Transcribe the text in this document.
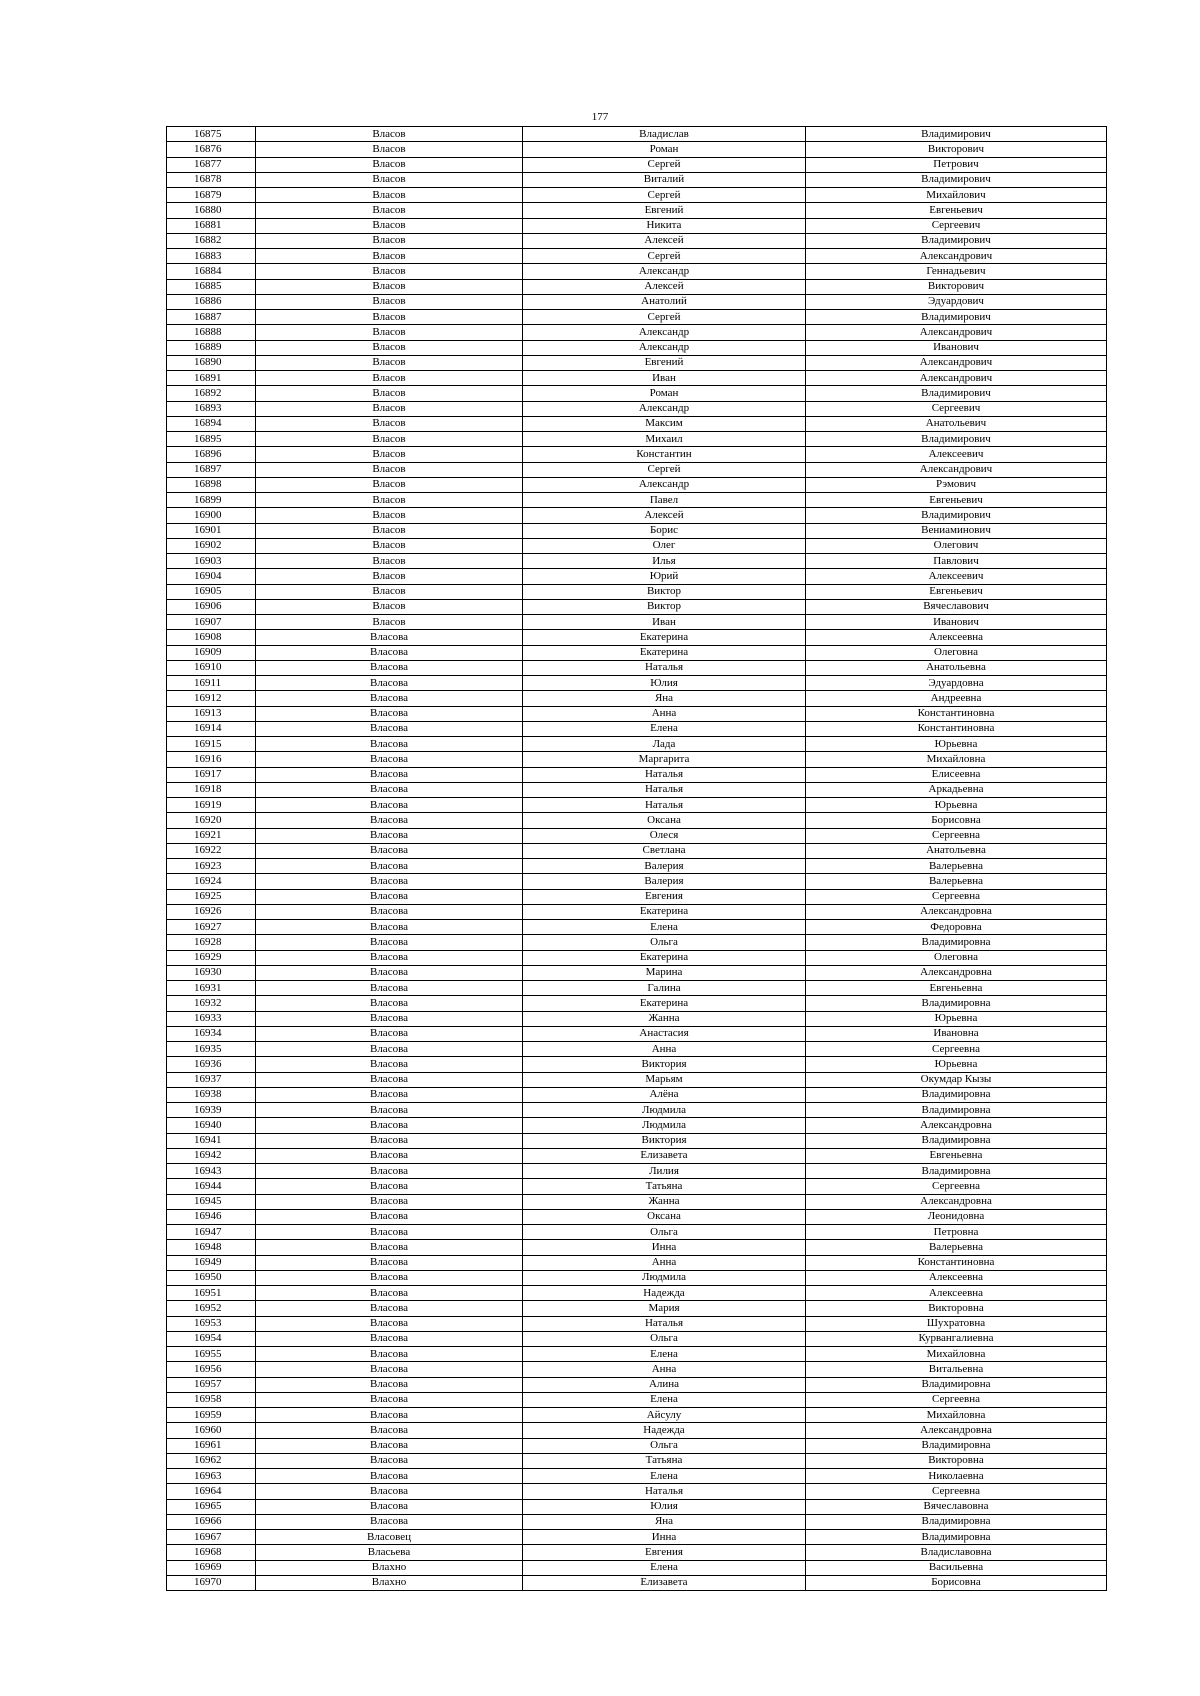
177
16875	Власов	Владислав	Владимирович
16876	Власов	Роман	Викторович
16877	Власов	Сергей	Петрович
16878	Власов	Виталий	Владимирович
16879	Власов	Сергей	Михайлович
16880	Власов	Евгений	Евгеньевич
16881	Власов	Никита	Сергеевич
16882	Власов	Алексей	Владимирович
16883	Власов	Сергей	Александрович
16884	Власов	Александр	Геннадьевич
16885	Власов	Алексей	Викторович
16886	Власов	Анатолий	Эдуардович
16887	Власов	Сергей	Владимирович
16888	Власов	Александр	Александрович
16889	Власов	Александр	Иванович
16890	Власов	Евгений	Александрович
16891	Власов	Иван	Александрович
16892	Власов	Роман	Владимирович
16893	Власов	Александр	Сергеевич
16894	Власов	Максим	Анатольевич
16895	Власов	Михаил	Владимирович
16896	Власов	Константин	Алексеевич
16897	Власов	Сергей	Александрович
16898	Власов	Александр	Рэмович
16899	Власов	Павел	Евгеньевич
16900	Власов	Алексей	Владимирович
16901	Власов	Борис	Вениаминович
16902	Власов	Олег	Олегович
16903	Власов	Илья	Павлович
16904	Власов	Юрий	Алексеевич
16905	Власов	Виктор	Евгеньевич
16906	Власов	Виктор	Вячеславович
16907	Власов	Иван	Иванович
16908	Власова	Екатерина	Алексеевна
16909	Власова	Екатерина	Олеговна
16910	Власова	Наталья	Анатольевна
16911	Власова	Юлия	Эдуардовна
16912	Власова	Яна	Андреевна
16913	Власова	Анна	Константиновна
16914	Власова	Елена	Константиновна
16915	Власова	Лада	Юрьевна
16916	Власова	Маргарита	Михайловна
16917	Власова	Наталья	Елисеевна
16918	Власова	Наталья	Аркадьевна
16919	Власова	Наталья	Юрьевна
16920	Власова	Оксана	Борисовна
16921	Власова	Олеся	Сергеевна
16922	Власова	Светлана	Анатольевна
16923	Власова	Валерия	Валерьевна
16924	Власова	Валерия	Валерьевна
16925	Власова	Евгения	Сергеевна
16926	Власова	Екатерина	Александровна
16927	Власова	Елена	Федоровна
16928	Власова	Ольга	Владимировна
16929	Власова	Екатерина	Олеговна
16930	Власова	Марина	Александровна
16931	Власова	Галина	Евгеньевна
16932	Власова	Екатерина	Владимировна
16933	Власова	Жанна	Юрьевна
16934	Власова	Анастасия	Ивановна
16935	Власова	Анна	Сергеевна
16936	Власова	Виктория	Юрьевна
16937	Власова	Марьям	Окумдар Кызы
16938	Власова	Алёна	Владимировна
16939	Власова	Людмила	Владимировна
16940	Власова	Людмила	Александровна
16941	Власова	Виктория	Владимировна
16942	Власова	Елизавета	Евгеньевна
16943	Власова	Лилия	Владимировна
16944	Власова	Татьяна	Сергеевна
16945	Власова	Жанна	Александровна
16946	Власова	Оксана	Леонидовна
16947	Власова	Ольга	Петровна
16948	Власова	Инна	Валерьевна
16949	Власова	Анна	Константиновна
16950	Власова	Людмила	Алексеевна
16951	Власова	Надежда	Алексеевна
16952	Власова	Мария	Викторовна
16953	Власова	Наталья	Шухратовна
16954	Власова	Ольга	Курвангалиевна
16955	Власова	Елена	Михайловна
16956	Власова	Анна	Витальевна
16957	Власова	Алина	Владимировна
16958	Власова	Елена	Сергеевна
16959	Власова	Айсулу	Михайловна
16960	Власова	Надежда	Александровна
16961	Власова	Ольга	Владимировна
16962	Власова	Татьяна	Викторовна
16963	Власова	Елена	Николаевна
16964	Власова	Наталья	Сергеевна
16965	Власова	Юлия	Вячеславовна
16966	Власова	Яна	Владимировна
16967	Власовец	Инна	Владимировна
16968	Власьева	Евгения	Владиславовна
16969	Влахно	Елена	Васильевна
16970	Влахно	Елизавета	Борисовна
